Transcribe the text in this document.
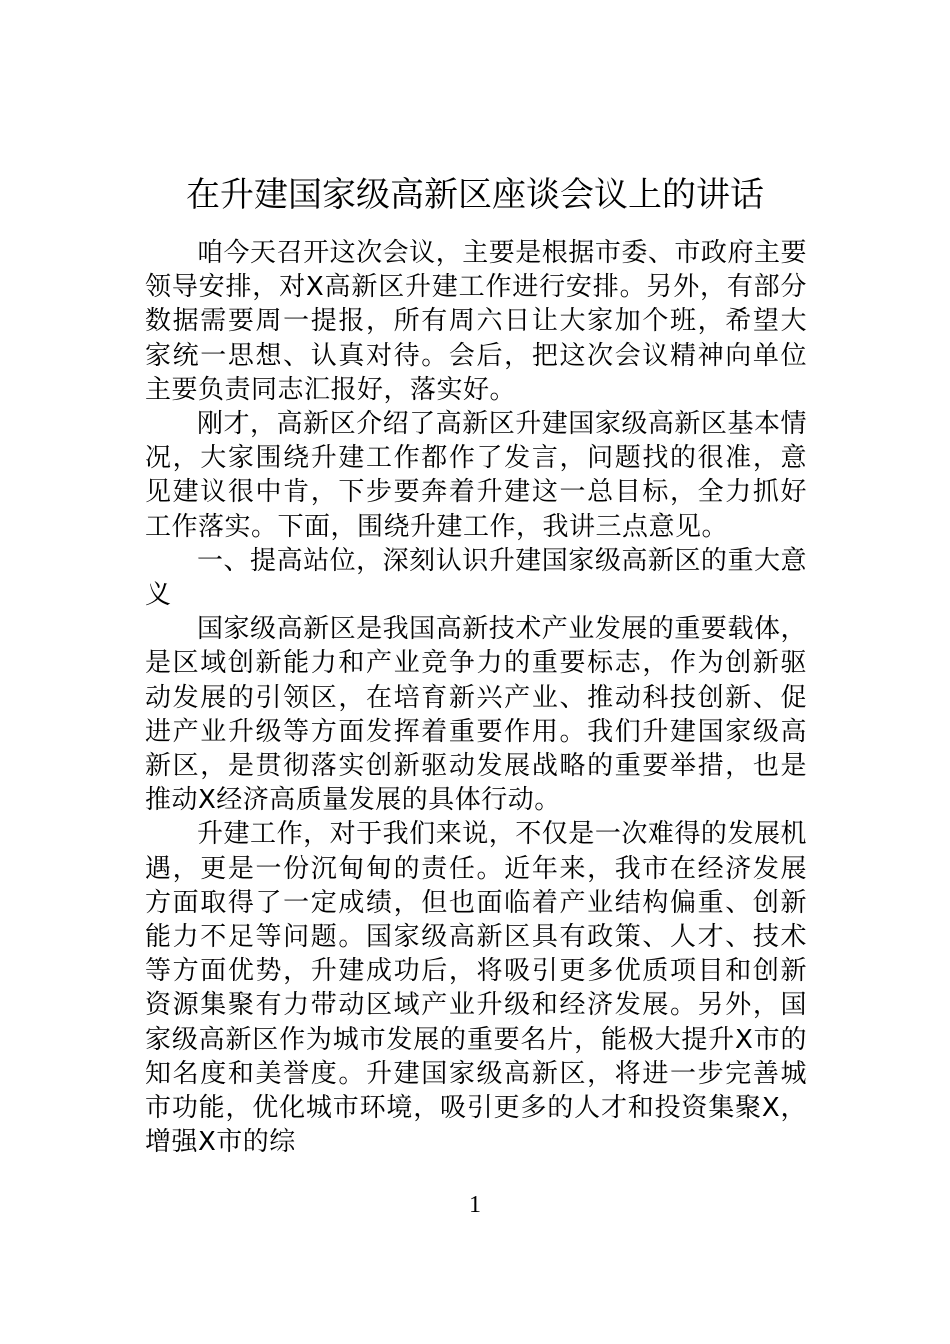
在升建国家级高新区座谈会议上的讲话

咱今天召开这次会议，主要是根据市委、市政府主要领导安排，对X高新区升建工作进行安排。另外，有部分数据需要周一提报，所有周六日让大家加个班，希望大家统一思想、认真对待。会后，把这次会议精神向单位主要负责同志汇报好，落实好。

刚才，高新区介绍了高新区升建国家级高新区基本情况，大家围绕升建工作都作了发言，问题找的很准，意见建议很中肯，下步要奔着升建这一总目标，全力抓好工作落实。下面，围绕升建工作，我讲三点意见。

一、提高站位，深刻认识升建国家级高新区的重大意义

国家级高新区是我国高新技术产业发展的重要载体，是区域创新能力和产业竞争力的重要标志，作为创新驱动发展的引领区，在培育新兴产业、推动科技创新、促进产业升级等方面发挥着重要作用。我们升建国家级高新区，是贯彻落实创新驱动发展战略的重要举措，也是推动X经济高质量发展的具体行动。

升建工作，对于我们来说，不仅是一次难得的发展机遇，更是一份沉甸甸的责任。近年来，我市在经济发展方面取得了一定成绩，但也面临着产业结构偏重、创新能力不足等问题。国家级高新区具有政策、人才、技术等方面优势，升建成功后，将吸引更多优质项目和创新资源集聚有力带动区域产业升级和经济发展。另外，国家级高新区作为城市发展的重要名片，能极大提升X市的知名度和美誉度。升建国家级高新区，将进一步完善城市功能，优化城市环境，吸引更多的人才和投资集聚X，增强X市的综

1
